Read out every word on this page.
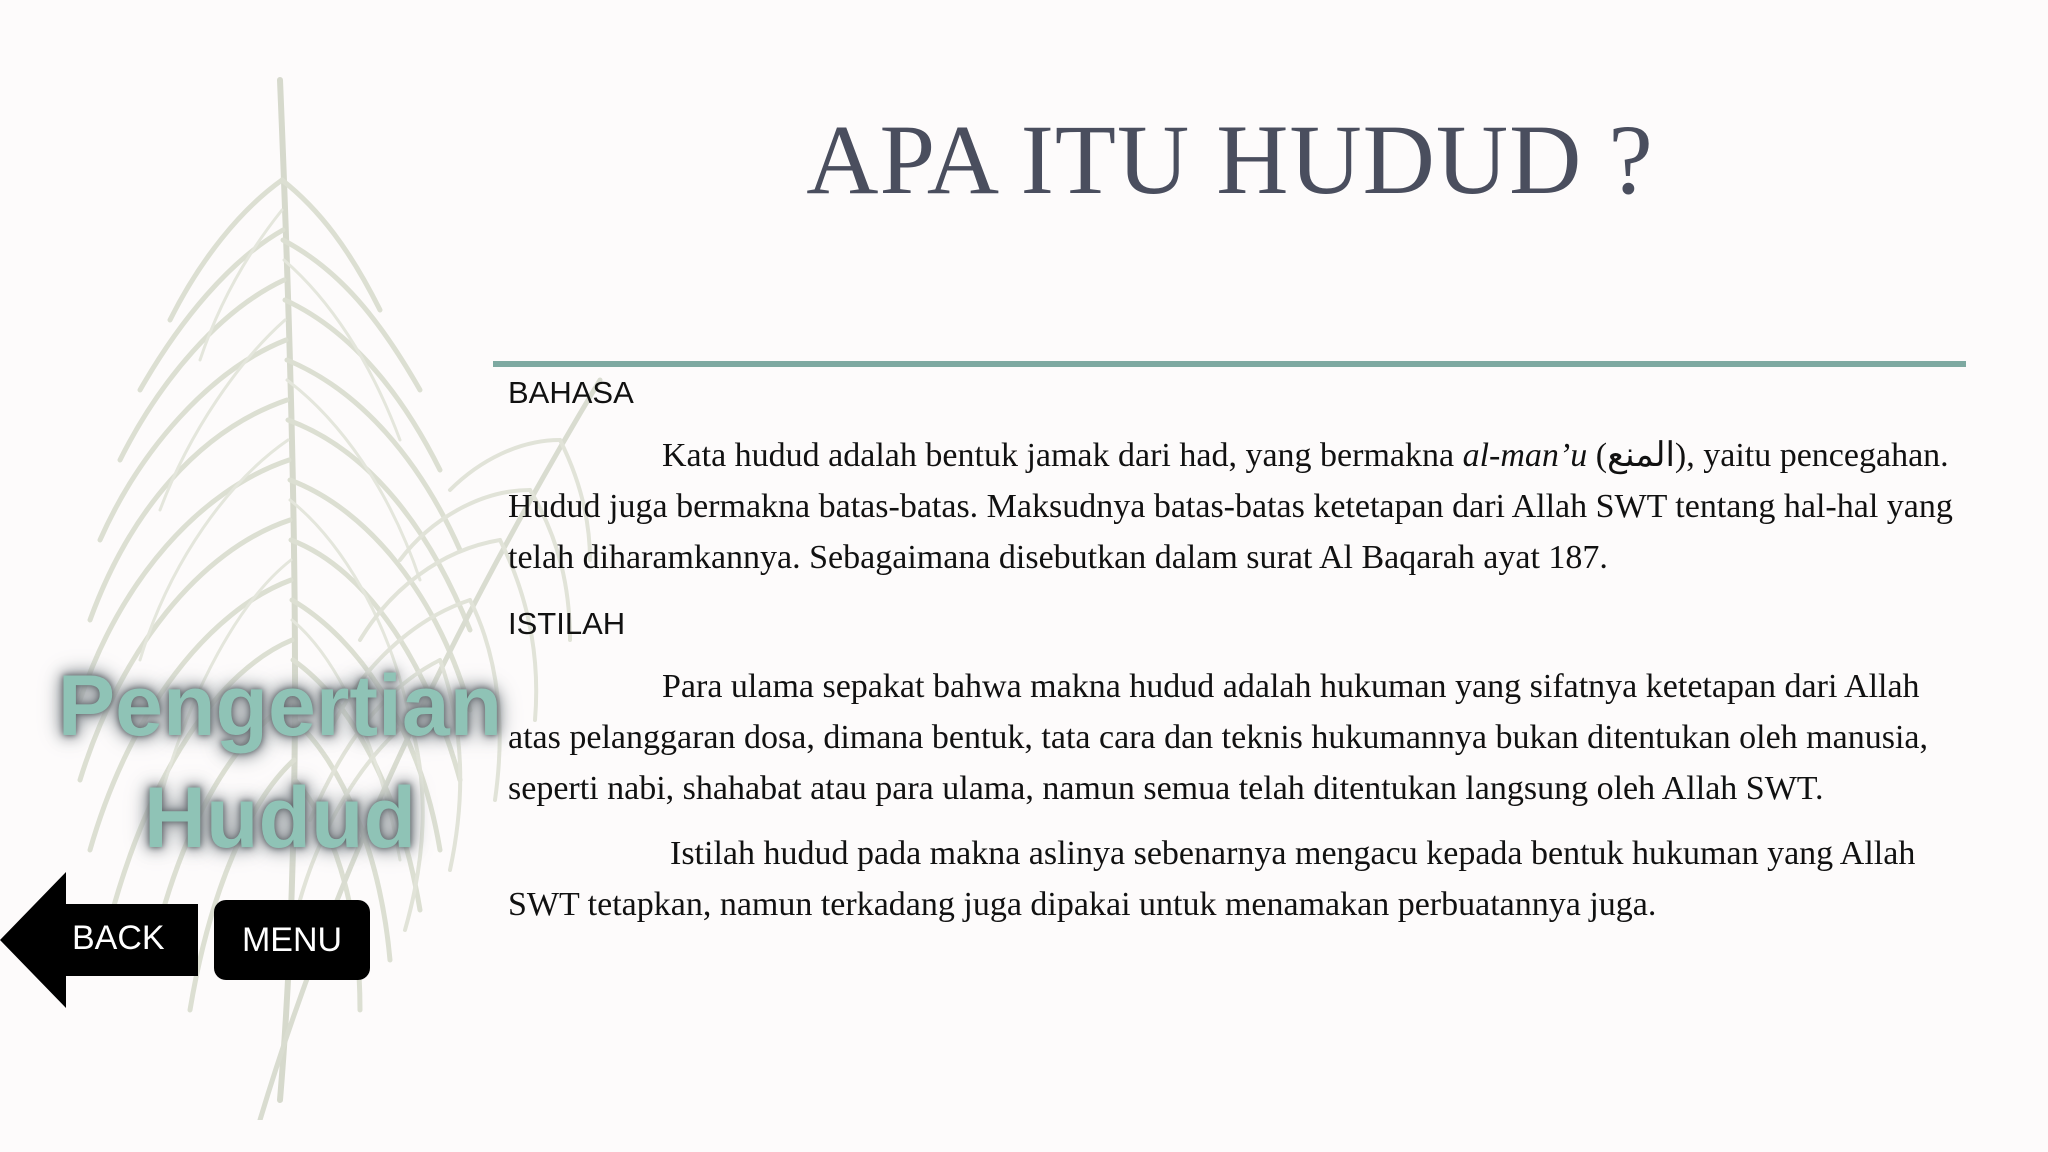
APA ITU HUDUD ?
Pengertian
Hudud

BAHASA

Kata hudud adalah bentuk jamak dari had, yang bermakna al-man’u (المنع), yaitu pencegahan. Hudud juga bermakna batas-batas. Maksudnya batas-batas ketetapan dari Allah SWT tentang hal-hal yang telah diharamkannya. Sebagaimana disebutkan dalam surat Al Baqarah ayat 187.

ISTILAH

Para ulama sepakat bahwa makna hudud adalah hukuman yang sifatnya ketetapan dari Allah atas pelanggaran dosa, dimana bentuk, tata cara dan teknis hukumannya bukan ditentukan oleh manusia, seperti nabi, shahabat atau para ulama, namun semua telah ditentukan langsung oleh Allah SWT.

Istilah hudud pada makna aslinya sebenarnya mengacu kepada bentuk hukuman yang Allah SWT tetapkan, namun terkadang juga dipakai untuk menamakan perbuatannya juga.

BACK	MENU
